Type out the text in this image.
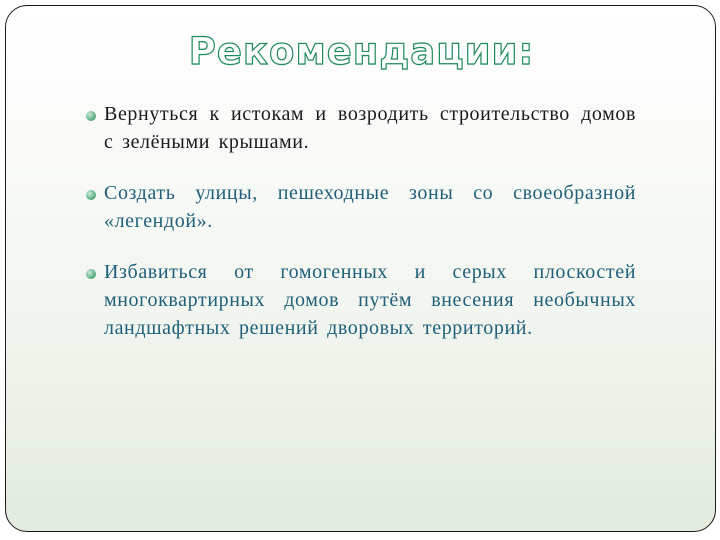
Рекомендации:
Вернуться к истокам и возродить строительство домов с зелёными крышами.
Создать улицы, пешеходные зоны со своеобразной «легендой».
Избавиться от гомогенных и серых плоскостей многоквартирных домов путём внесения необычных ландшафтных решений дворовых территорий.
